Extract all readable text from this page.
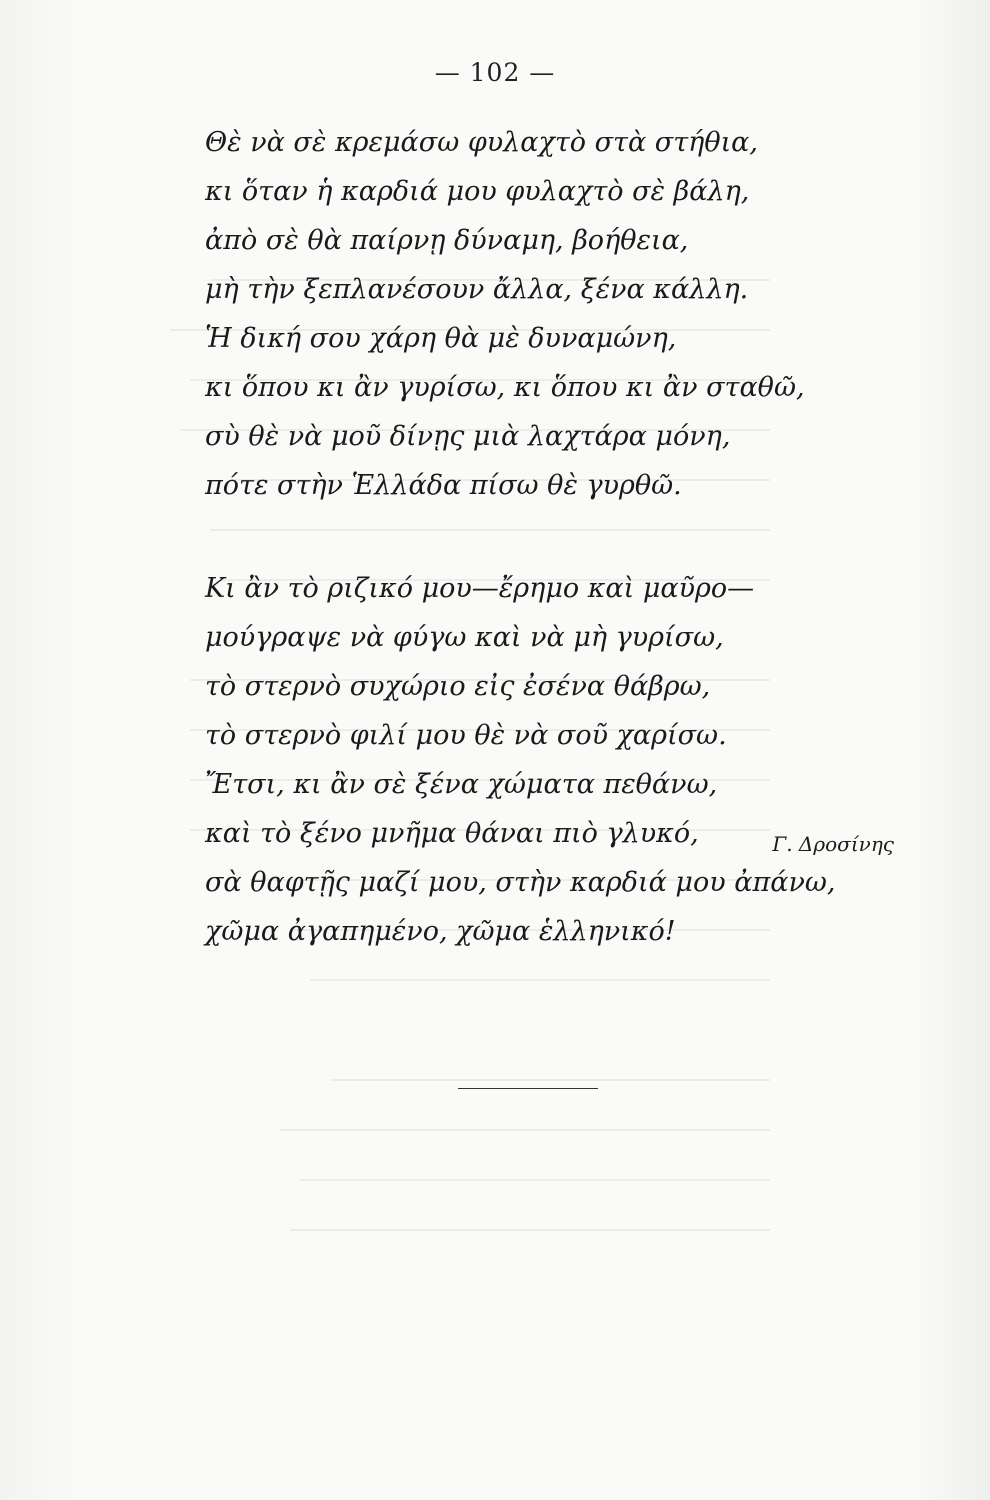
— 102 —
Θὲ νὰ σὲ κρεμάσω φυλαχτὸ στὰ στήθια,
κι ὅταν ἡ καρδιά μου φυλαχτὸ σὲ βάλη,
ἀπὸ σὲ θὰ παίρνῃ δύναμη, βοήθεια,
μὴ τὴν ξεπλανέσουν ἄλλα, ξένα κάλλη.
Ἡ δική σου χάρη θὰ μὲ δυναμώνη,
κι ὅπου κι ἂν γυρίσω, κι ὅπου κι ἂν σταθῶ,
σὺ θὲ νὰ μοῦ δίνῃς μιὰ λαχτάρα μόνη,
πότε στὴν Ἑλλάδα πίσω θὲ γυρθῶ.
Κι ἂν τὸ ριζικό μου—ἔρημο καὶ μαῦρο—
μούγραψε νὰ φύγω καὶ νὰ μὴ γυρίσω,
τὸ στερνὸ συχώριο εἰς ἐσένα θάβρω,
τὸ στερνὸ φιλί μου θὲ νὰ σοῦ χαρίσω.
Ἔτσι, κι ἂν σὲ ξένα χώματα πεθάνω,
καὶ τὸ ξένο μνῆμα θάναι πιὸ γλυκό,
σὰ θαφτῇς μαζί μου, στὴν καρδιά μου ἀπάνω,
χῶμα ἀγαπημένο, χῶμα ἑλληνικό!
Γ. Δροσίνης
